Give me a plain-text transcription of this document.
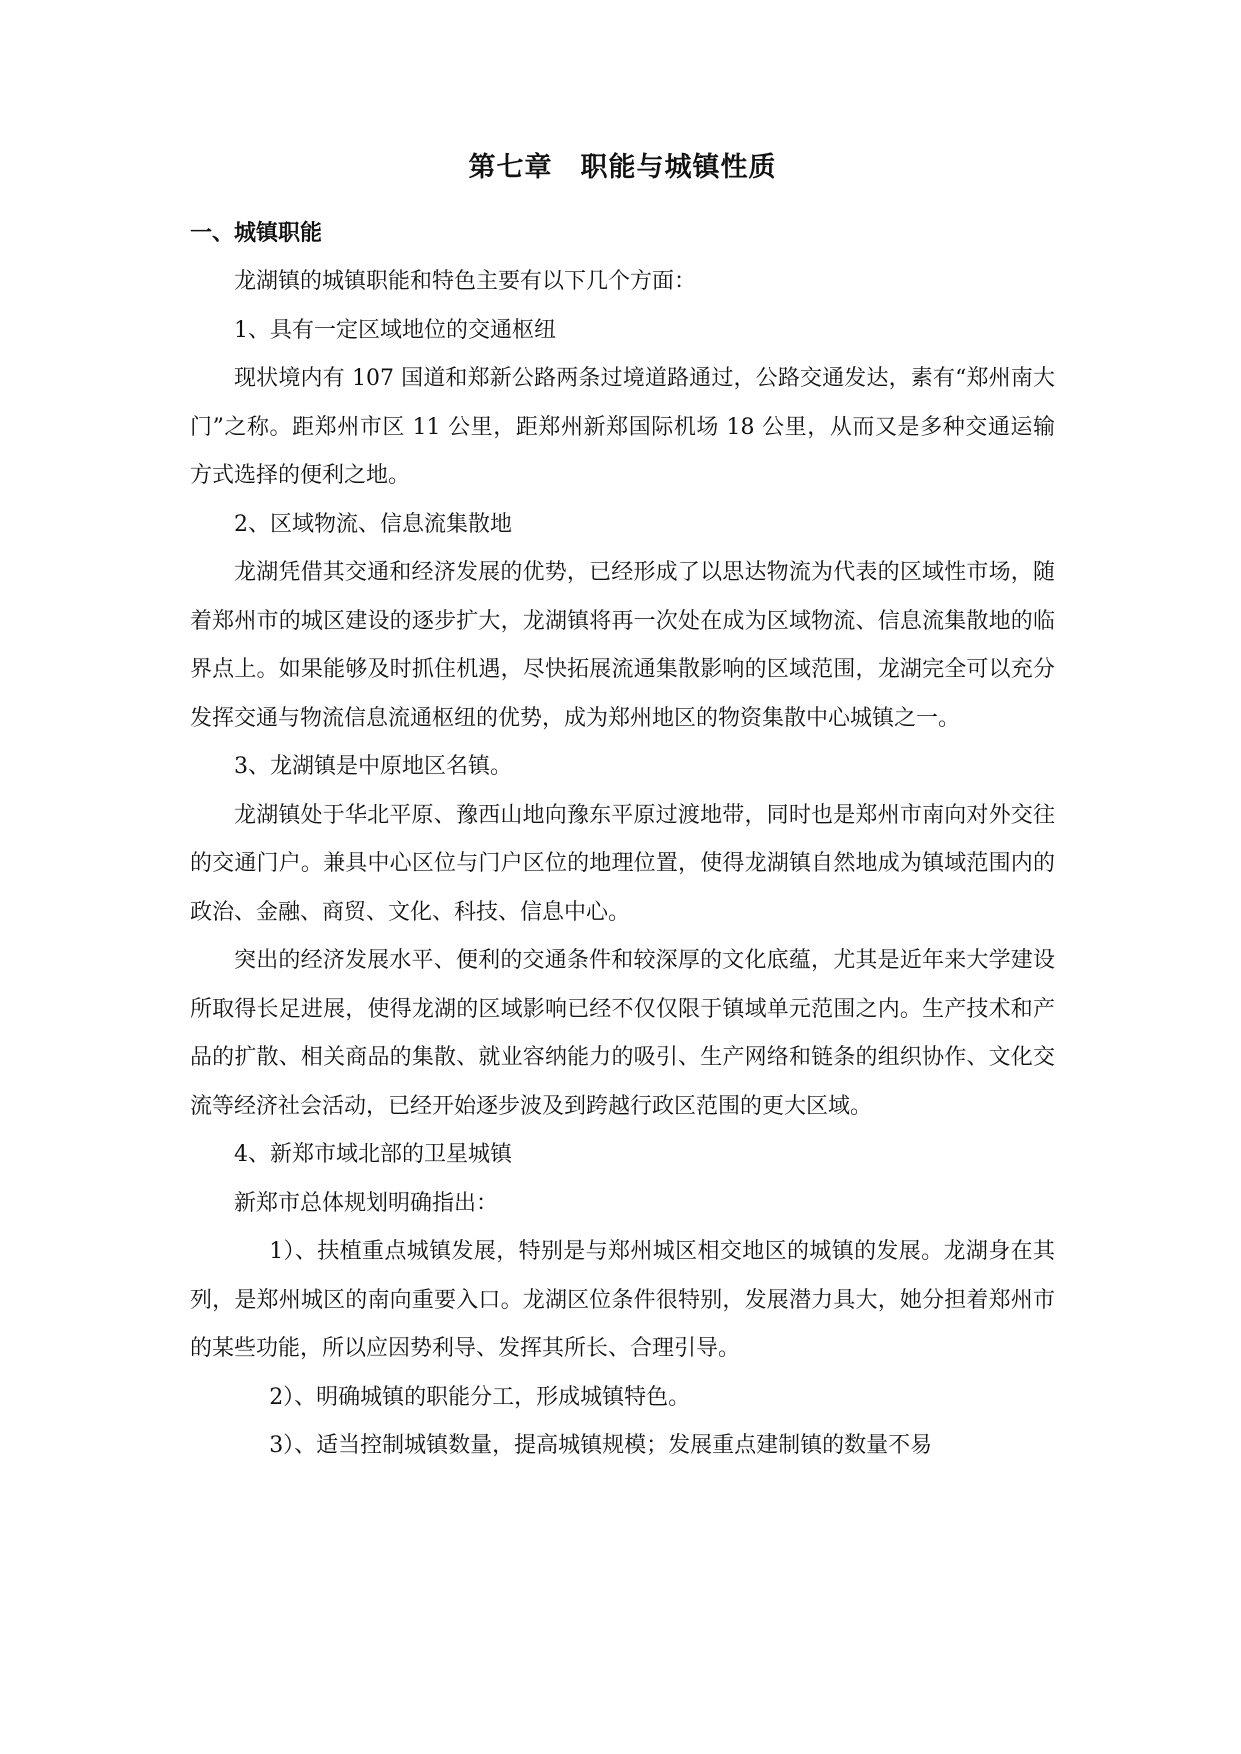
第七章　职能与城镇性质
一、城镇职能

龙湖镇的城镇职能和特色主要有以下几个方面：

1、具有一定区域地位的交通枢纽

现状境内有 107 国道和郑新公路两条过境道路通过，公路交通发达，素有“郑州南大门”之称。距郑州市区 11 公里，距郑州新郑国际机场 18 公里，从而又是多种交通运输方式选择的便利之地。

2、区域物流、信息流集散地

龙湖凭借其交通和经济发展的优势，已经形成了以思达物流为代表的区域性市场，随着郑州市的城区建设的逐步扩大，龙湖镇将再一次处在成为区域物流、信息流集散地的临界点上。如果能够及时抓住机遇，尽快拓展流通集散影响的区域范围，龙湖完全可以充分发挥交通与物流信息流通枢纽的优势，成为郑州地区的物资集散中心城镇之一。

3、龙湖镇是中原地区名镇。

龙湖镇处于华北平原、豫西山地向豫东平原过渡地带，同时也是郑州市南向对外交往的交通门户。兼具中心区位与门户区位的地理位置，使得龙湖镇自然地成为镇域范围内的政治、金融、商贸、文化、科技、信息中心。

突出的经济发展水平、便利的交通条件和较深厚的文化底蕴，尤其是近年来大学建设所取得长足进展，使得龙湖的区域影响已经不仅仅限于镇域单元范围之内。生产技术和产品的扩散、相关商品的集散、就业容纳能力的吸引、生产网络和链条的组织协作、文化交流等经济社会活动，已经开始逐步波及到跨越行政区范围的更大区域。

4、新郑市域北部的卫星城镇

新郑市总体规划明确指出：

1）、扶植重点城镇发展，特别是与郑州城区相交地区的城镇的发展。龙湖身在其列，是郑州城区的南向重要入口。龙湖区位条件很特别，发展潜力具大，她分担着郑州市的某些功能，所以应因势利导、发挥其所长、合理引导。

2）、明确城镇的职能分工，形成城镇特色。

3）、适当控制城镇数量，提高城镇规模；发展重点建制镇的数量不易
